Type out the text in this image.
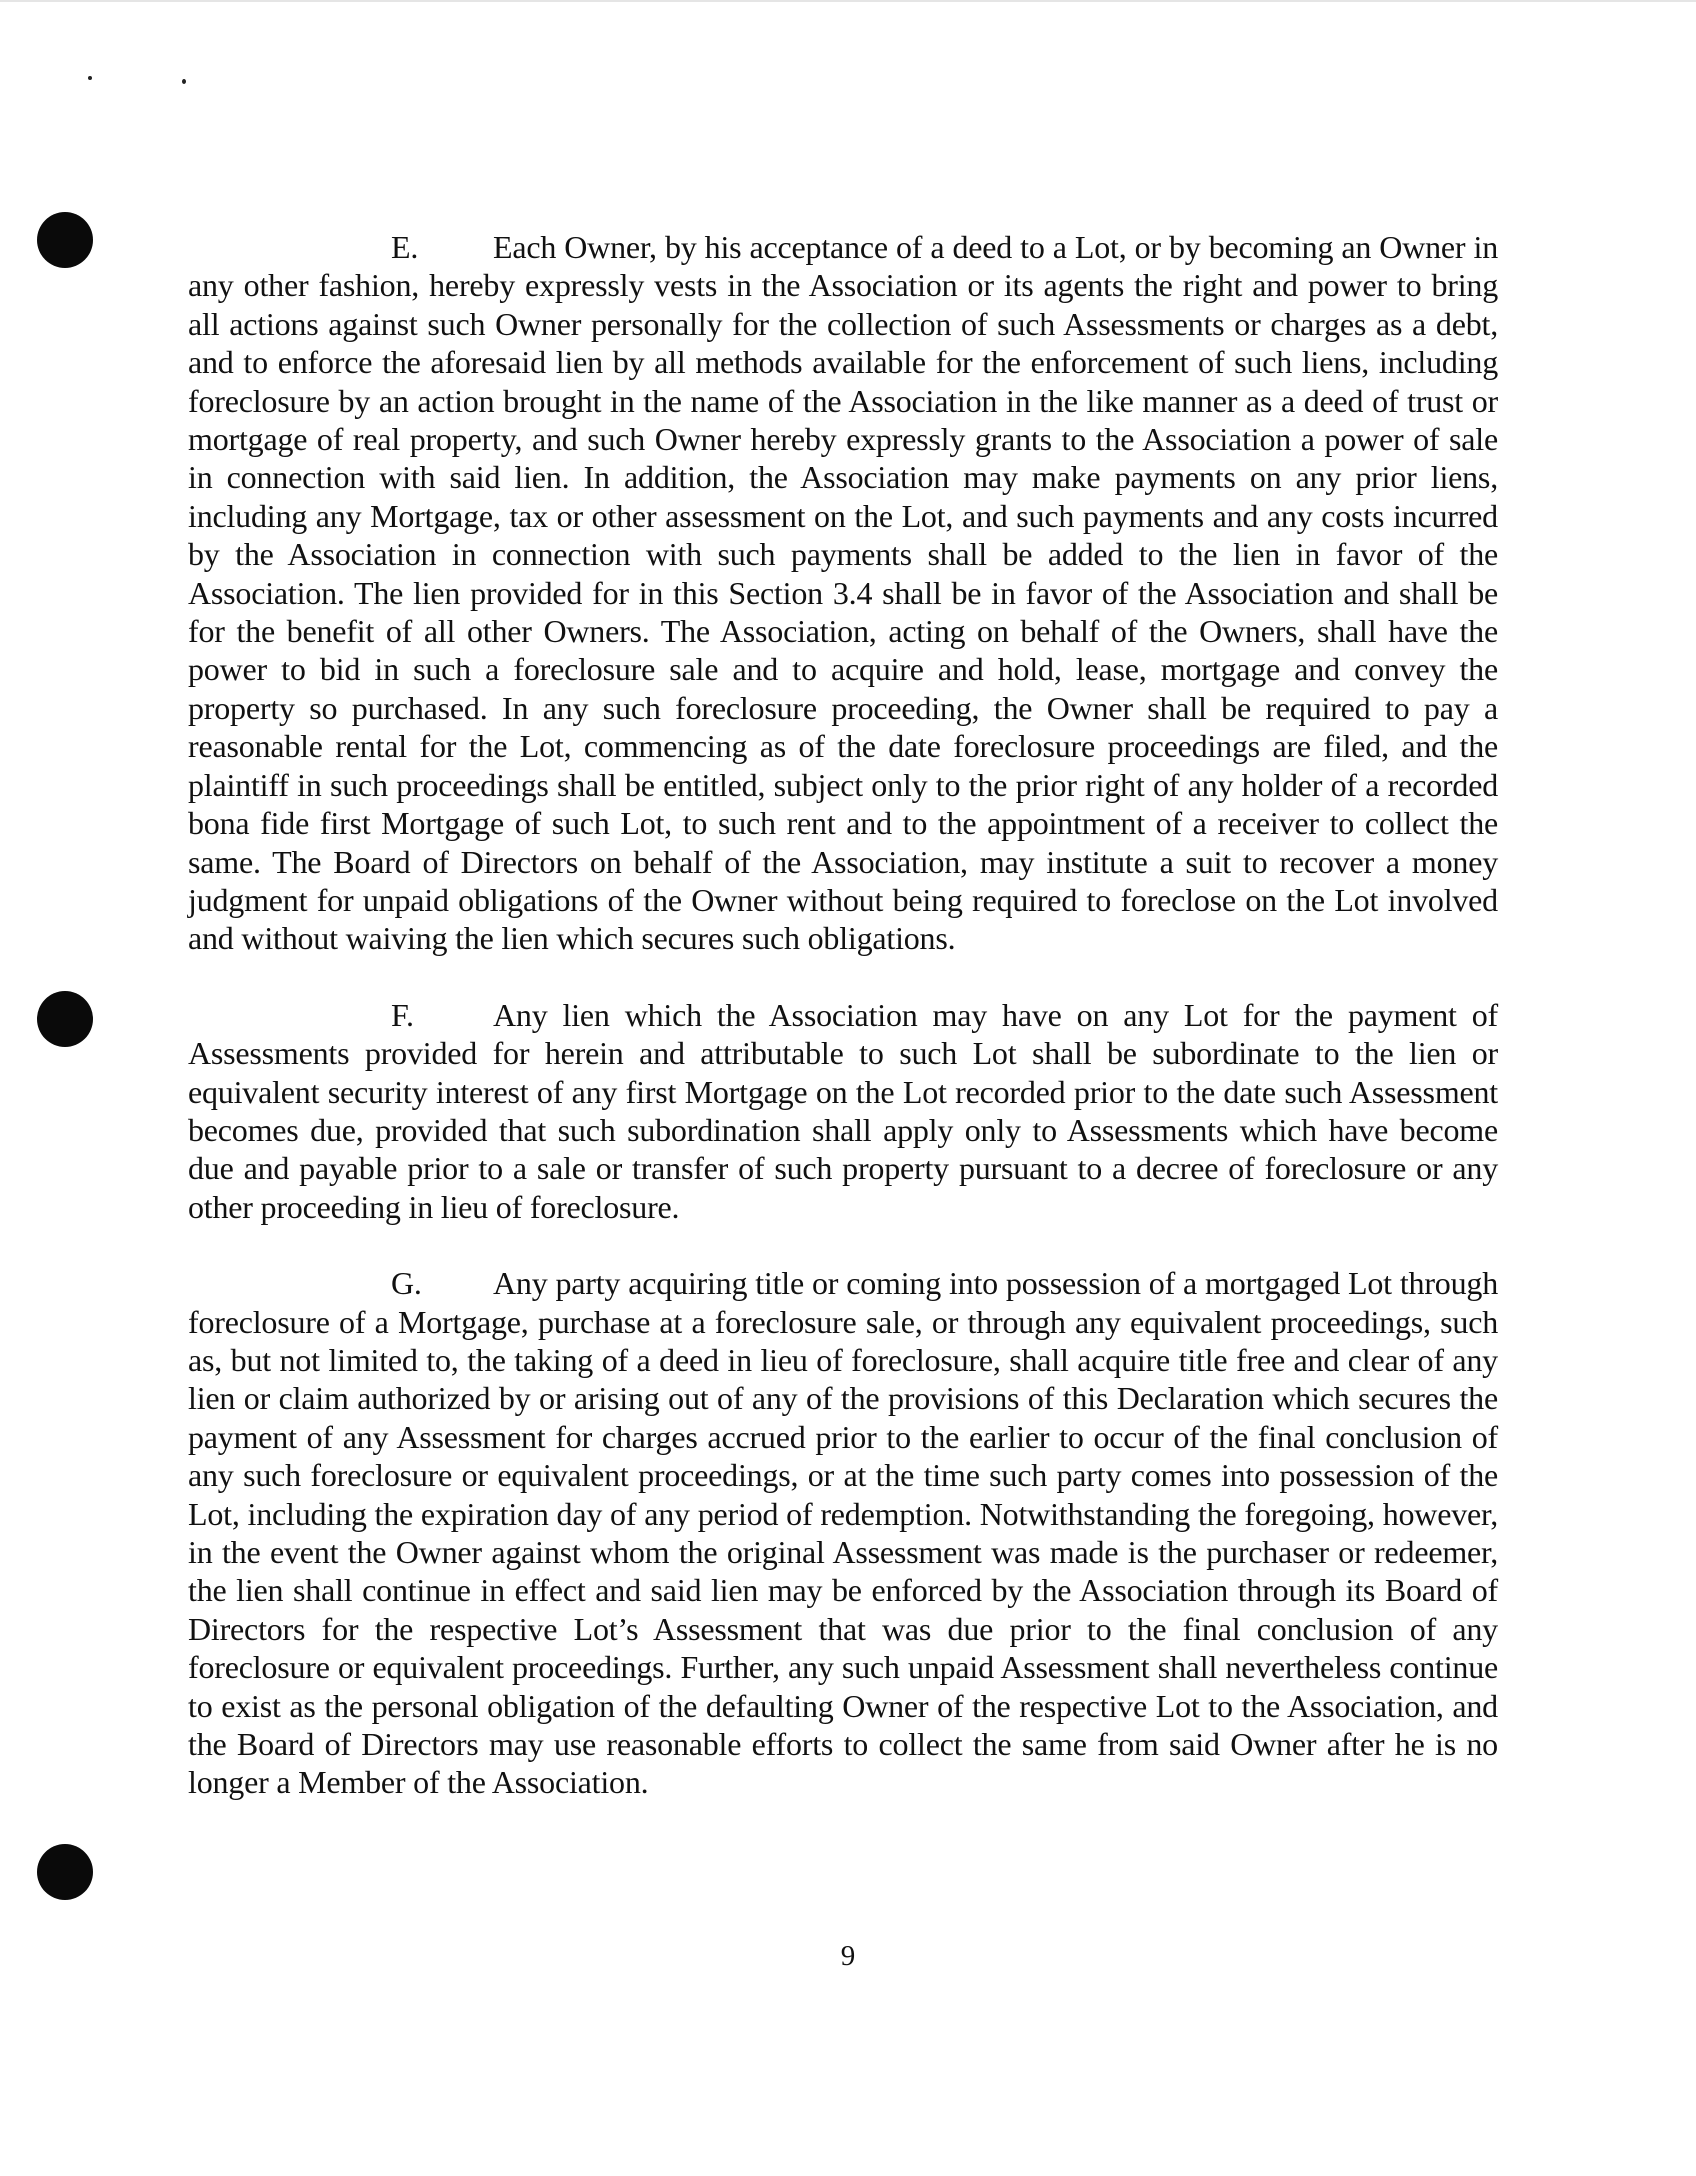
E. Each Owner, by his acceptance of a deed to a Lot, or by becoming an Owner in any other fashion, hereby expressly vests in the Association or its agents the right and power to bring all actions against such Owner personally for the collection of such Assessments or charges as a debt, and to enforce the aforesaid lien by all methods available for the enforcement of such liens, including foreclosure by an action brought in the name of the Association in the like manner as a deed of trust or mortgage of real property, and such Owner hereby expressly grants to the Association a power of sale in connection with said lien. In addition, the Association may make payments on any prior liens, including any Mortgage, tax or other assessment on the Lot, and such payments and any costs incurred by the Association in connection with such payments shall be added to the lien in favor of the Association. The lien provided for in this Section 3.4 shall be in favor of the Association and shall be for the benefit of all other Owners. The Association, acting on behalf of the Owners, shall have the power to bid in such a foreclosure sale and to acquire and hold, lease, mortgage and convey the property so purchased. In any such foreclosure proceeding, the Owner shall be required to pay a reasonable rental for the Lot, commencing as of the date foreclosure proceedings are filed, and the plaintiff in such proceedings shall be entitled, subject only to the prior right of any holder of a recorded bona fide first Mortgage of such Lot, to such rent and to the appointment of a receiver to collect the same. The Board of Directors on behalf of the Association, may institute a suit to recover a money judgment for unpaid obligations of the Owner without being required to foreclose on the Lot involved and without waiving the lien which secures such obligations.

F. Any lien which the Association may have on any Lot for the payment of Assessments provided for herein and attributable to such Lot shall be subordinate to the lien or equivalent security interest of any first Mortgage on the Lot recorded prior to the date such Assessment becomes due, provided that such subordination shall apply only to Assessments which have become due and payable prior to a sale or transfer of such property pursuant to a decree of foreclosure or any other proceeding in lieu of foreclosure.

G. Any party acquiring title or coming into possession of a mortgaged Lot through foreclosure of a Mortgage, purchase at a foreclosure sale, or through any equivalent proceedings, such as, but not limited to, the taking of a deed in lieu of foreclosure, shall acquire title free and clear of any lien or claim authorized by or arising out of any of the provisions of this Declaration which secures the payment of any Assessment for charges accrued prior to the earlier to occur of the final conclusion of any such foreclosure or equivalent proceedings, or at the time such party comes into possession of the Lot, including the expiration day of any period of redemption. Notwithstanding the foregoing, however, in the event the Owner against whom the original Assessment was made is the purchaser or redeemer, the lien shall continue in effect and said lien may be enforced by the Association through its Board of Directors for the respective Lot’s Assessment that was due prior to the final conclusion of any foreclosure or equivalent proceedings. Further, any such unpaid Assessment shall nevertheless continue to exist as the personal obligation of the defaulting Owner of the respective Lot to the Association, and the Board of Directors may use reasonable efforts to collect the same from said Owner after he is no longer a Member of the Association.

9
